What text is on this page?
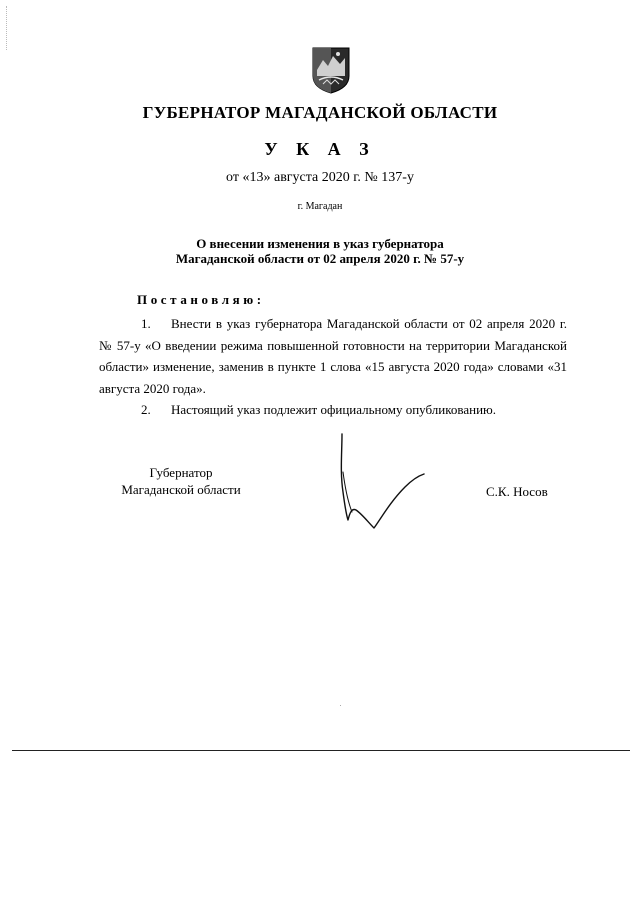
ГУБЕРНАТОР МАГАДАНСКОЙ ОБЛАСТИ
У К А З
от «13» августа 2020 г. № 137-у
г. Магадан
О внесении изменения в указ губернатора
Магаданской области от 02 апреля 2020 г. № 57-у
Постановляю:
1. Внести в указ губернатора Магаданской области от 02 апреля 2020 г. № 57-у «О введении режима повышенной готовности на территории Магаданской области» изменение, заменив в пункте 1 слова «15 августа 2020 года» словами «31 августа 2020 года».
2. Настоящий указ подлежит официальному опубликованию.
Губернатор
Магаданской области	С.К. Носов
